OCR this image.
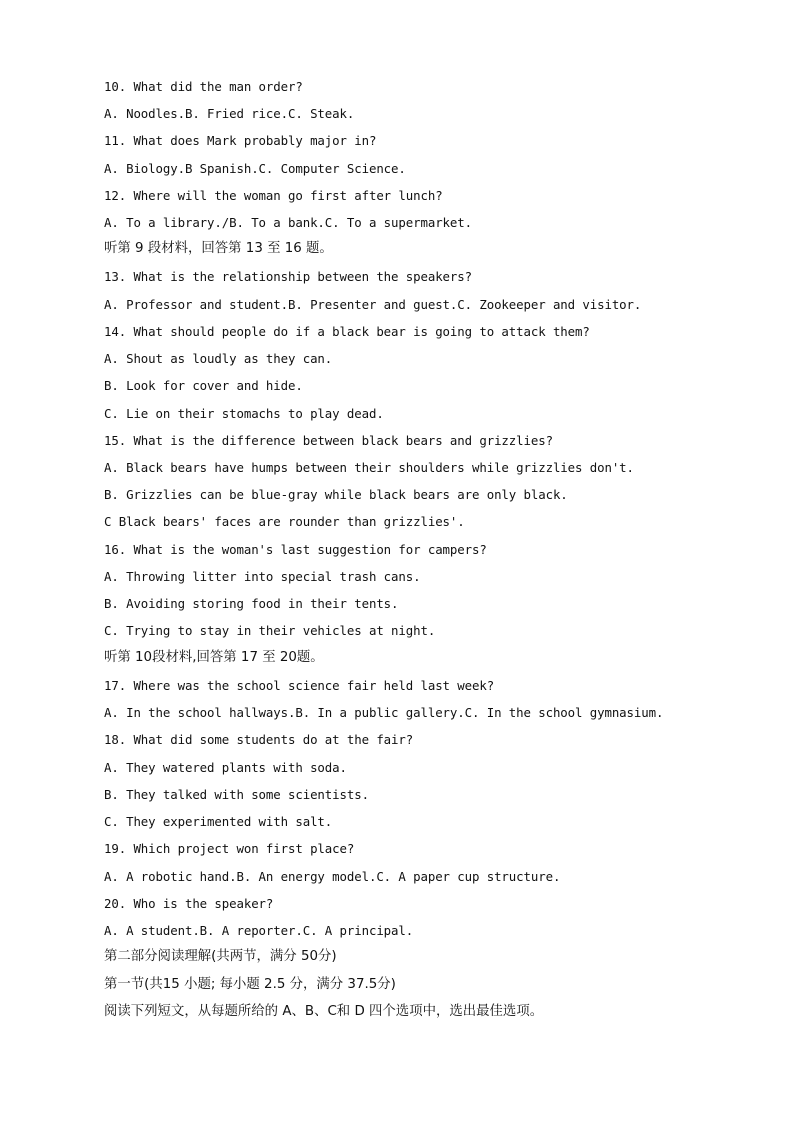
10. What did the man order?
A. Noodles.B. Fried rice.C. Steak.
11. What does Mark probably major in?
A. Biology.B Spanish.C. Computer Science.
12. Where will the woman go first after lunch?
A. To a library./B. To a bank.C. To a supermarket.
听第 9 段材料，回答第 13 至 16 题。
13. What is the relationship between the speakers?
A. Professor and student.B. Presenter and guest.C. Zookeeper and visitor.
14. What should people do if a black bear is going to attack them?
A. Shout as loudly as they can.
B. Look for cover and hide.
C. Lie on their stomachs to play dead.
15. What is the difference between black bears and grizzlies?
A. Black bears have humps between their shoulders while grizzlies don't.
B. Grizzlies can be blue-gray while black bears are only black.
C Black bears' faces are rounder than grizzlies'.
16. What is the woman's last suggestion for campers?
A. Throwing litter into special trash cans.
B. Avoiding storing food in their tents.
C. Trying to stay in their vehicles at night.
听第 10段材料,回答第 17 至 20题。
17. Where was the school science fair held last week?
A. In the school hallways.B. In a public gallery.C. In the school gymnasium.
18. What did some students do at the fair?
A. They watered plants with soda.
B. They talked with some scientists.
C. They experimented with salt.
19. Which project won first place?
A. A robotic hand.B. An energy model.C. A paper cup structure.
20. Who is the speaker?
A. A student.B. A reporter.C. A principal.
第二部分阅读理解(共两节，满分 50分)
第一节(共15 小题; 每小题 2.5 分，满分 37.5分)
阅读下列短文，从每题所给的 A、B、C和 D 四个选项中，选出最佳选项。
